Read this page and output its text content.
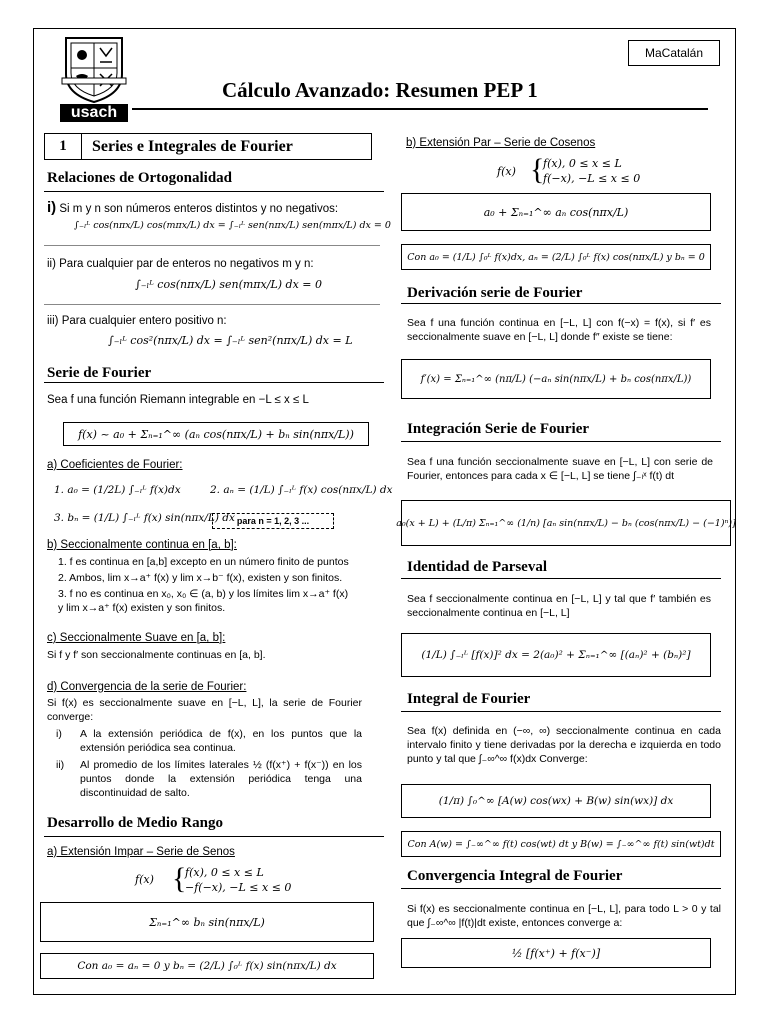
usach
MaCatalán
Cálculo Avanzado: Resumen PEP 1
1 Series e Integrales de Fourier
Relaciones de Ortogonalidad
i) Si m y n son números enteros distintos y no negativos:
∫₋ₗᴸ cos(nπx/L) cos(mπx/L) dx = ∫₋ₗᴸ sen(nπx/L) sen(mπx/L) dx = 0
ii) Para cualquier par de enteros no negativos m y n:
∫₋ₗᴸ cos(nπx/L) sen(mπx/L) dx = 0
iii) Para cualquier entero positivo n:
∫₋ₗᴸ cos²(nπx/L) dx = ∫₋ₗᴸ sen²(nπx/L) dx = L
Serie de Fourier
Sea f una función Riemann integrable en −L ≤ x ≤ L
f(x) ~ a₀ + Σₙ₌₁^∞ (aₙ cos(nπx/L) + bₙ sin(nπx/L))
a) Coeficientes de Fourier:
1. a₀ = (1/2L) ∫₋ₗᴸ f(x)dx	2. aₙ = (1/L) ∫₋ₗᴸ f(x) cos(nπx/L) dx
3. bₙ = (1/L) ∫₋ₗᴸ f(x) sin(nπx/L) dx para n = 1, 2, 3 ...
b) Seccionalmente continua en [a, b]:
1. f es continua en [a,b] excepto en un número finito de puntos
2. Ambos, lim x→a⁺ f(x) y lim x→b⁻ f(x), existen y son finitos.
3. f no es continua en x₀, x₀ ∈ (a, b) y los límites lim x→a⁺ f(x)
y lim x→a⁺ f(x) existen y son finitos.
c) Seccionalmente Suave en [a, b]:
Si f y f′ son seccionalmente continuas en [a, b].
d) Convergencia de la serie de Fourier:
Si f(x) es seccionalmente suave en [−L, L], la serie de Fourier converge:
i) A la extensión periódica de f(x), en los puntos que la extensión periódica sea continua.
ii) Al promedio de los límites laterales ½ (f(x⁺) + f(x⁻)) en los puntos donde la extensión periódica tenga una discontinuidad de salto.
Desarrollo de Medio Rango
a) Extensión Impar – Serie de Senos
f(x) {
f(x), 0 ≤ x ≤ L
−f(−x), −L ≤ x ≤ 0
Σₙ₌₁^∞ bₙ sin(nπx/L)
Con a₀ = aₙ = 0 y bₙ = (2/L) ∫₀ᴸ f(x) sin(nπx/L) dx
b) Extensión Par – Serie de Cosenos
f(x) {
f(x), 0 ≤ x ≤ L
f(−x), −L ≤ x ≤ 0
a₀ + Σₙ₌₁^∞ aₙ cos(nπx/L)
Con a₀ = (1/L) ∫₀ᴸ f(x)dx, aₙ = (2/L) ∫₀ᴸ f(x) cos(nπx/L) y bₙ = 0
Derivación serie de Fourier
Sea f una función continua en [−L, L] con f(−x) = f(x), si f′ es seccionalmente suave en [−L, L] donde f″ existe se tiene:
f′(x) = Σₙ₌₁^∞ (nπ/L) (−aₙ sin(nπx/L) + bₙ cos(nπx/L))
Integración Serie de Fourier
Sea f una función seccionalmente suave en [−L, L] con serie de Fourier, entonces para cada x ∈ [−L, L] se tiene ∫₋ₗˣ f(t) dt
a₀(x + L) + (L/π) Σₙ₌₁^∞ (1/n) [aₙ sin(nπx/L) − bₙ (cos(nπx/L) − (−1)ⁿ)]
Identidad de Parseval
Sea f seccionalmente continua en [−L, L] y tal que f′ también es seccionalmente continua en [−L, L]
(1/L) ∫₋ₗᴸ [f(x)]² dx = 2(a₀)² + Σₙ₌₁^∞ [(aₙ)² + (bₙ)²]
Integral de Fourier
Sea f(x) definida en (−∞, ∞) seccionalmente continua en cada intervalo finito y tiene derivadas por la derecha e izquierda en todo punto y tal que ∫₋∞^∞ f(x)dx Converge:
(1/π) ∫₀^∞ [A(w) cos(wx) + B(w) sin(wx)] dx
Con A(w) = ∫₋∞^∞ f(t) cos(wt) dt y B(w) = ∫₋∞^∞ f(t) sin(wt)dt
Convergencia Integral de Fourier
Si f(x) es seccionalmente continua en [−L, L], para todo L > 0 y tal que ∫₋∞^∞ |f(t)|dt existe, entonces converge a:
½ [f(x⁺) + f(x⁻)]
